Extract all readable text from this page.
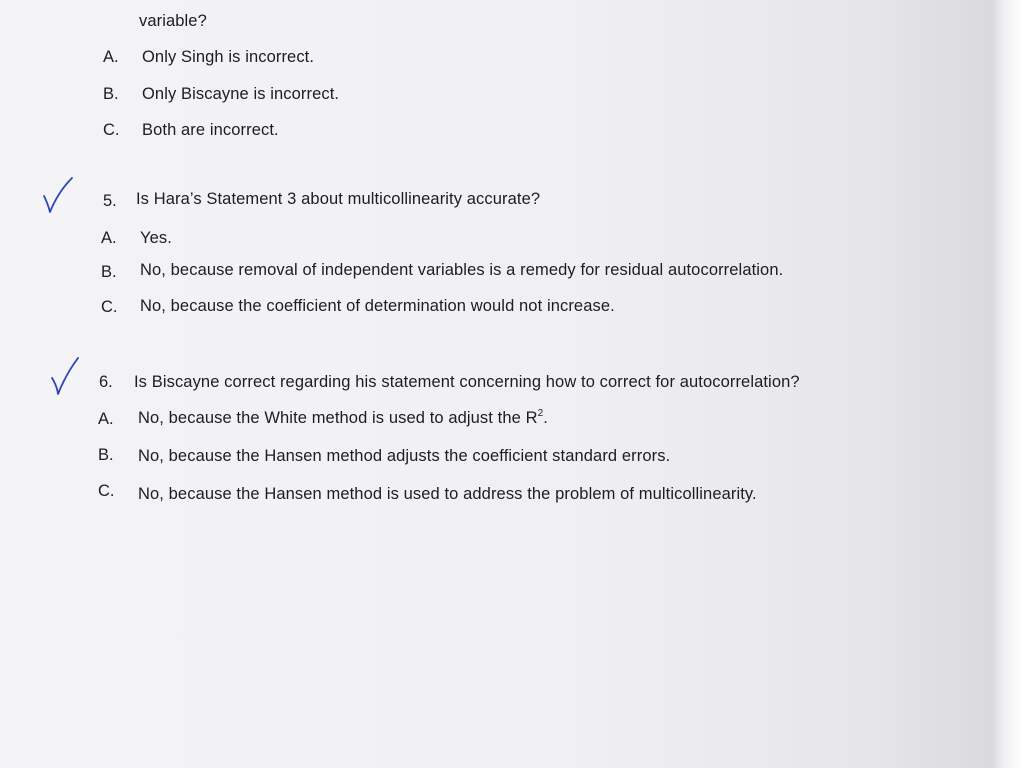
variable?
A. Only Singh is incorrect.
B. Only Biscayne is incorrect.
C. Both are incorrect.
5. Is Hara’s Statement 3 about multicollinearity accurate?
A. Yes.
B. No, because removal of independent variables is a remedy for residual autocorrelation.
C. No, because the coefficient of determination would not increase.
6. Is Biscayne correct regarding his statement concerning how to correct for autocorrelation?
A. No, because the White method is used to adjust the $R^2$.
B. No, because the Hansen method adjusts the coefficient standard errors.
C. No, because the Hansen method is used to address the problem of multicollinearity.
